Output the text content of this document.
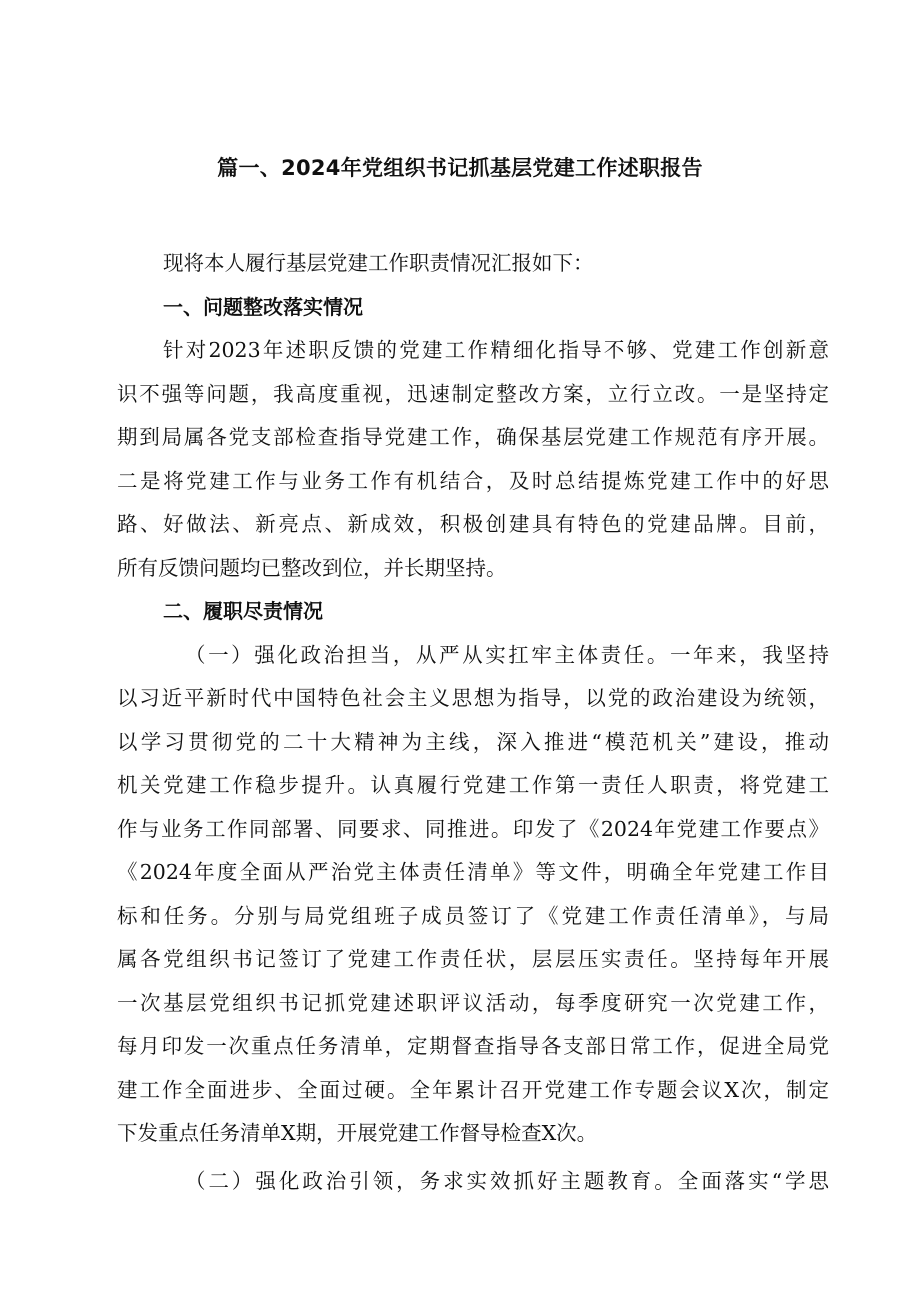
篇一、2024年党组织书记抓基层党建工作述职报告
现将本人履行基层党建工作职责情况汇报如下：
一、问题整改落实情况
针对2023年述职反馈的党建工作精细化指导不够、党建工作创新意
识不强等问题，我高度重视，迅速制定整改方案，立行立改。一是坚持定
期到局属各党支部检查指导党建工作，确保基层党建工作规范有序开展。
二是将党建工作与业务工作有机结合，及时总结提炼党建工作中的好思
路、好做法、新亮点、新成效，积极创建具有特色的党建品牌。目前，
所有反馈问题均已整改到位，并长期坚持。
二、履职尽责情况
（一）强化政治担当，从严从实扛牢主体责任。一年来，我坚持
以习近平新时代中国特色社会主义思想为指导，以党的政治建设为统领，
以学习贯彻党的二十大精神为主线，深入推进“模范机关”建设，推动
机关党建工作稳步提升。认真履行党建工作第一责任人职责，将党建工
作与业务工作同部署、同要求、同推进。印发了《2024年党建工作要点》
《2024年度全面从严治党主体责任清单》等文件，明确全年党建工作目
标和任务。分别与局党组班子成员签订了《党建工作责任清单》，与局
属各党组织书记签订了党建工作责任状，层层压实责任。坚持每年开展
一次基层党组织书记抓党建述职评议活动，每季度研究一次党建工作，
每月印发一次重点任务清单，定期督查指导各支部日常工作，促进全局党
建工作全面进步、全面过硬。全年累计召开党建工作专题会议X次，制定
下发重点任务清单X期，开展党建工作督导检查X次。
（二）强化政治引领，务求实效抓好主题教育。全面落实“学思
